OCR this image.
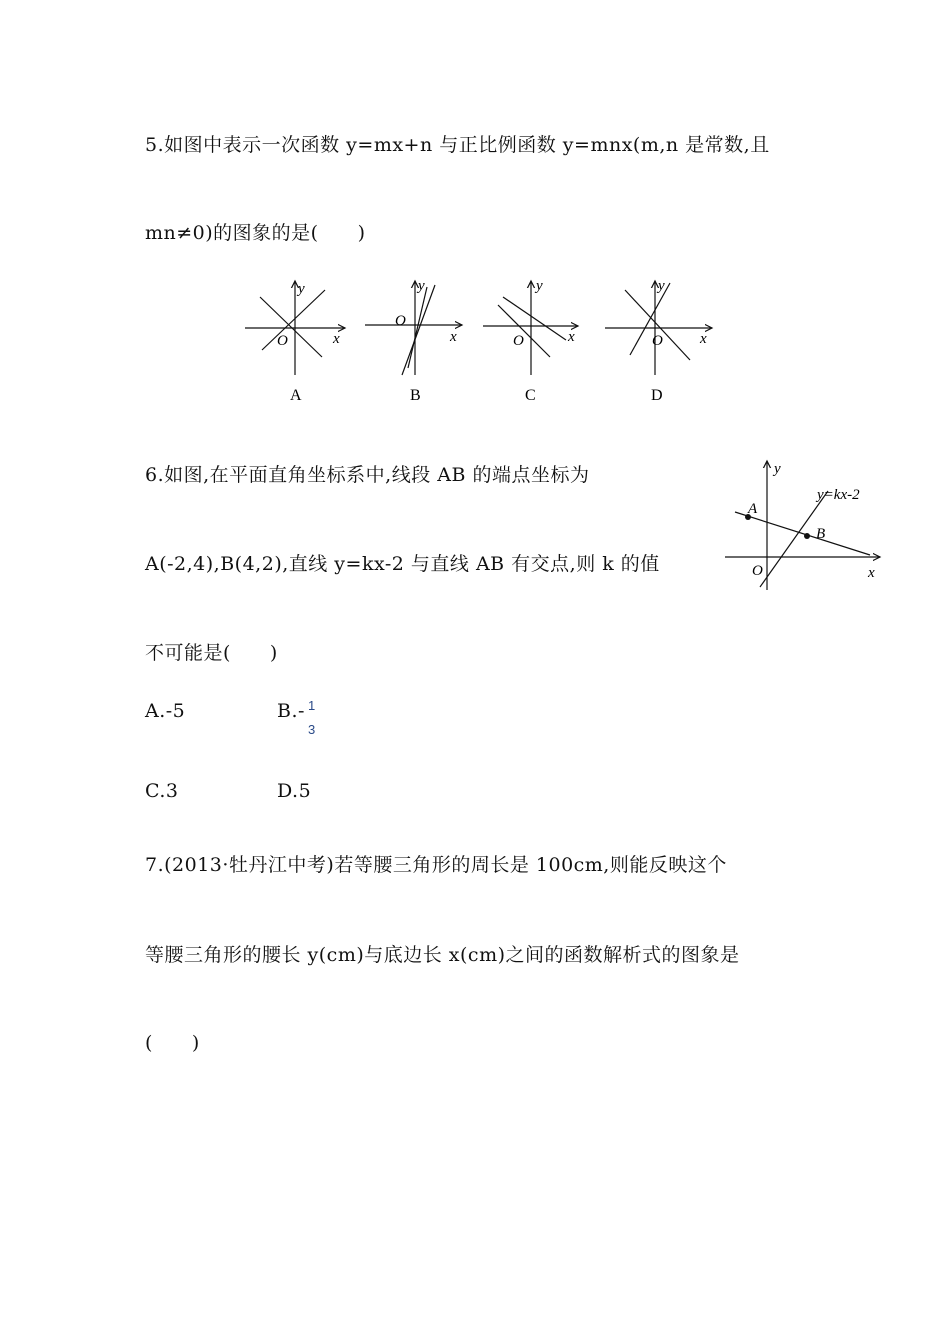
5.如图中表示一次函数 y=mx+n 与正比例函数 y=mnx(m,n 是常数,且
mn≠0)的图象的是(　　)
y
x
O
A
y
x
O
B
y
x
O
C
y
x
O
D
6.如图,在平面直角坐标系中,线段 AB 的端点坐标为
A(-2,4),B(4,2),直线 y=kx-2 与直线 AB 有交点,则 k 的值
不可能是(　　)
y
x
O
A
B
y=kx-2
A.-5	B.- 1
3
C.3	D.5
7.(2013·牡丹江中考)若等腰三角形的周长是 100cm,则能反映这个
等腰三角形的腰长 y(cm)与底边长 x(cm)之间的函数解析式的图象是
(　　)
